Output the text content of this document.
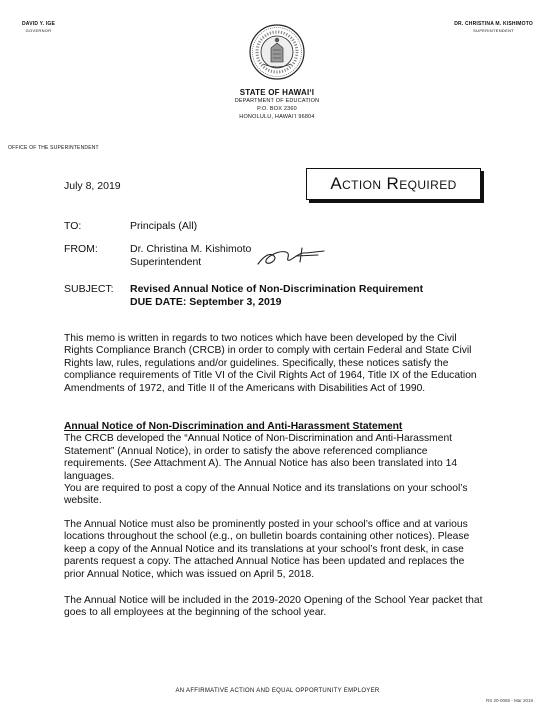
DAVID Y. IGE
GOVERNOR
DR. CHRISTINA M. KISHIMOTO
SUPERINTENDENT
STATE OF HAWAI‘I
DEPARTMENT OF EDUCATION
P.O. BOX 2360
HONOLULU, HAWAI‘I 96804
OFFICE OF THE SUPERINTENDENT
July 8, 2019	Action Required
TO:	Principals (All)
FROM:	Dr. Christina M. Kishimoto
Superintendent
SUBJECT: Revised Annual Notice of Non-Discrimination Requirement
DUE DATE: September 3, 2019
This memo is written in regards to two notices which have been developed by the Civil Rights Compliance Branch (CRCB) in order to comply with certain Federal and State Civil Rights law, rules, regulations and/or guidelines. Specifically, these notices satisfy the compliance requirements of Title VI of the Civil Rights Act of 1964, Title IX of the Education Amendments of 1972, and Title II of the Americans with Disabilities Act of 1990.
Annual Notice of Non-Discrimination and Anti-Harassment Statement
The CRCB developed the “Annual Notice of Non-Discrimination and Anti-Harassment Statement” (Annual Notice), in order to satisfy the above referenced compliance requirements. (See Attachment A). The Annual Notice has also been translated into 14 languages.
You are required to post a copy of the Annual Notice and its translations on your school’s website.
The Annual Notice must also be prominently posted in your school’s office and at various locations throughout the school (e.g., on bulletin boards containing other notices). Please keep a copy of the Annual Notice and its translations at your school’s front desk, in case parents request a copy. The attached Annual Notice has been updated and replaces the prior Annual Notice, which was issued on April 5, 2018.
The Annual Notice will be included in the 2019-2020 Opening of the School Year packet that goes to all employees at the beginning of the school year.
AN AFFIRMATIVE ACTION AND EQUAL OPPORTUNITY EMPLOYER
RS 20-0065 - Mar 2019
